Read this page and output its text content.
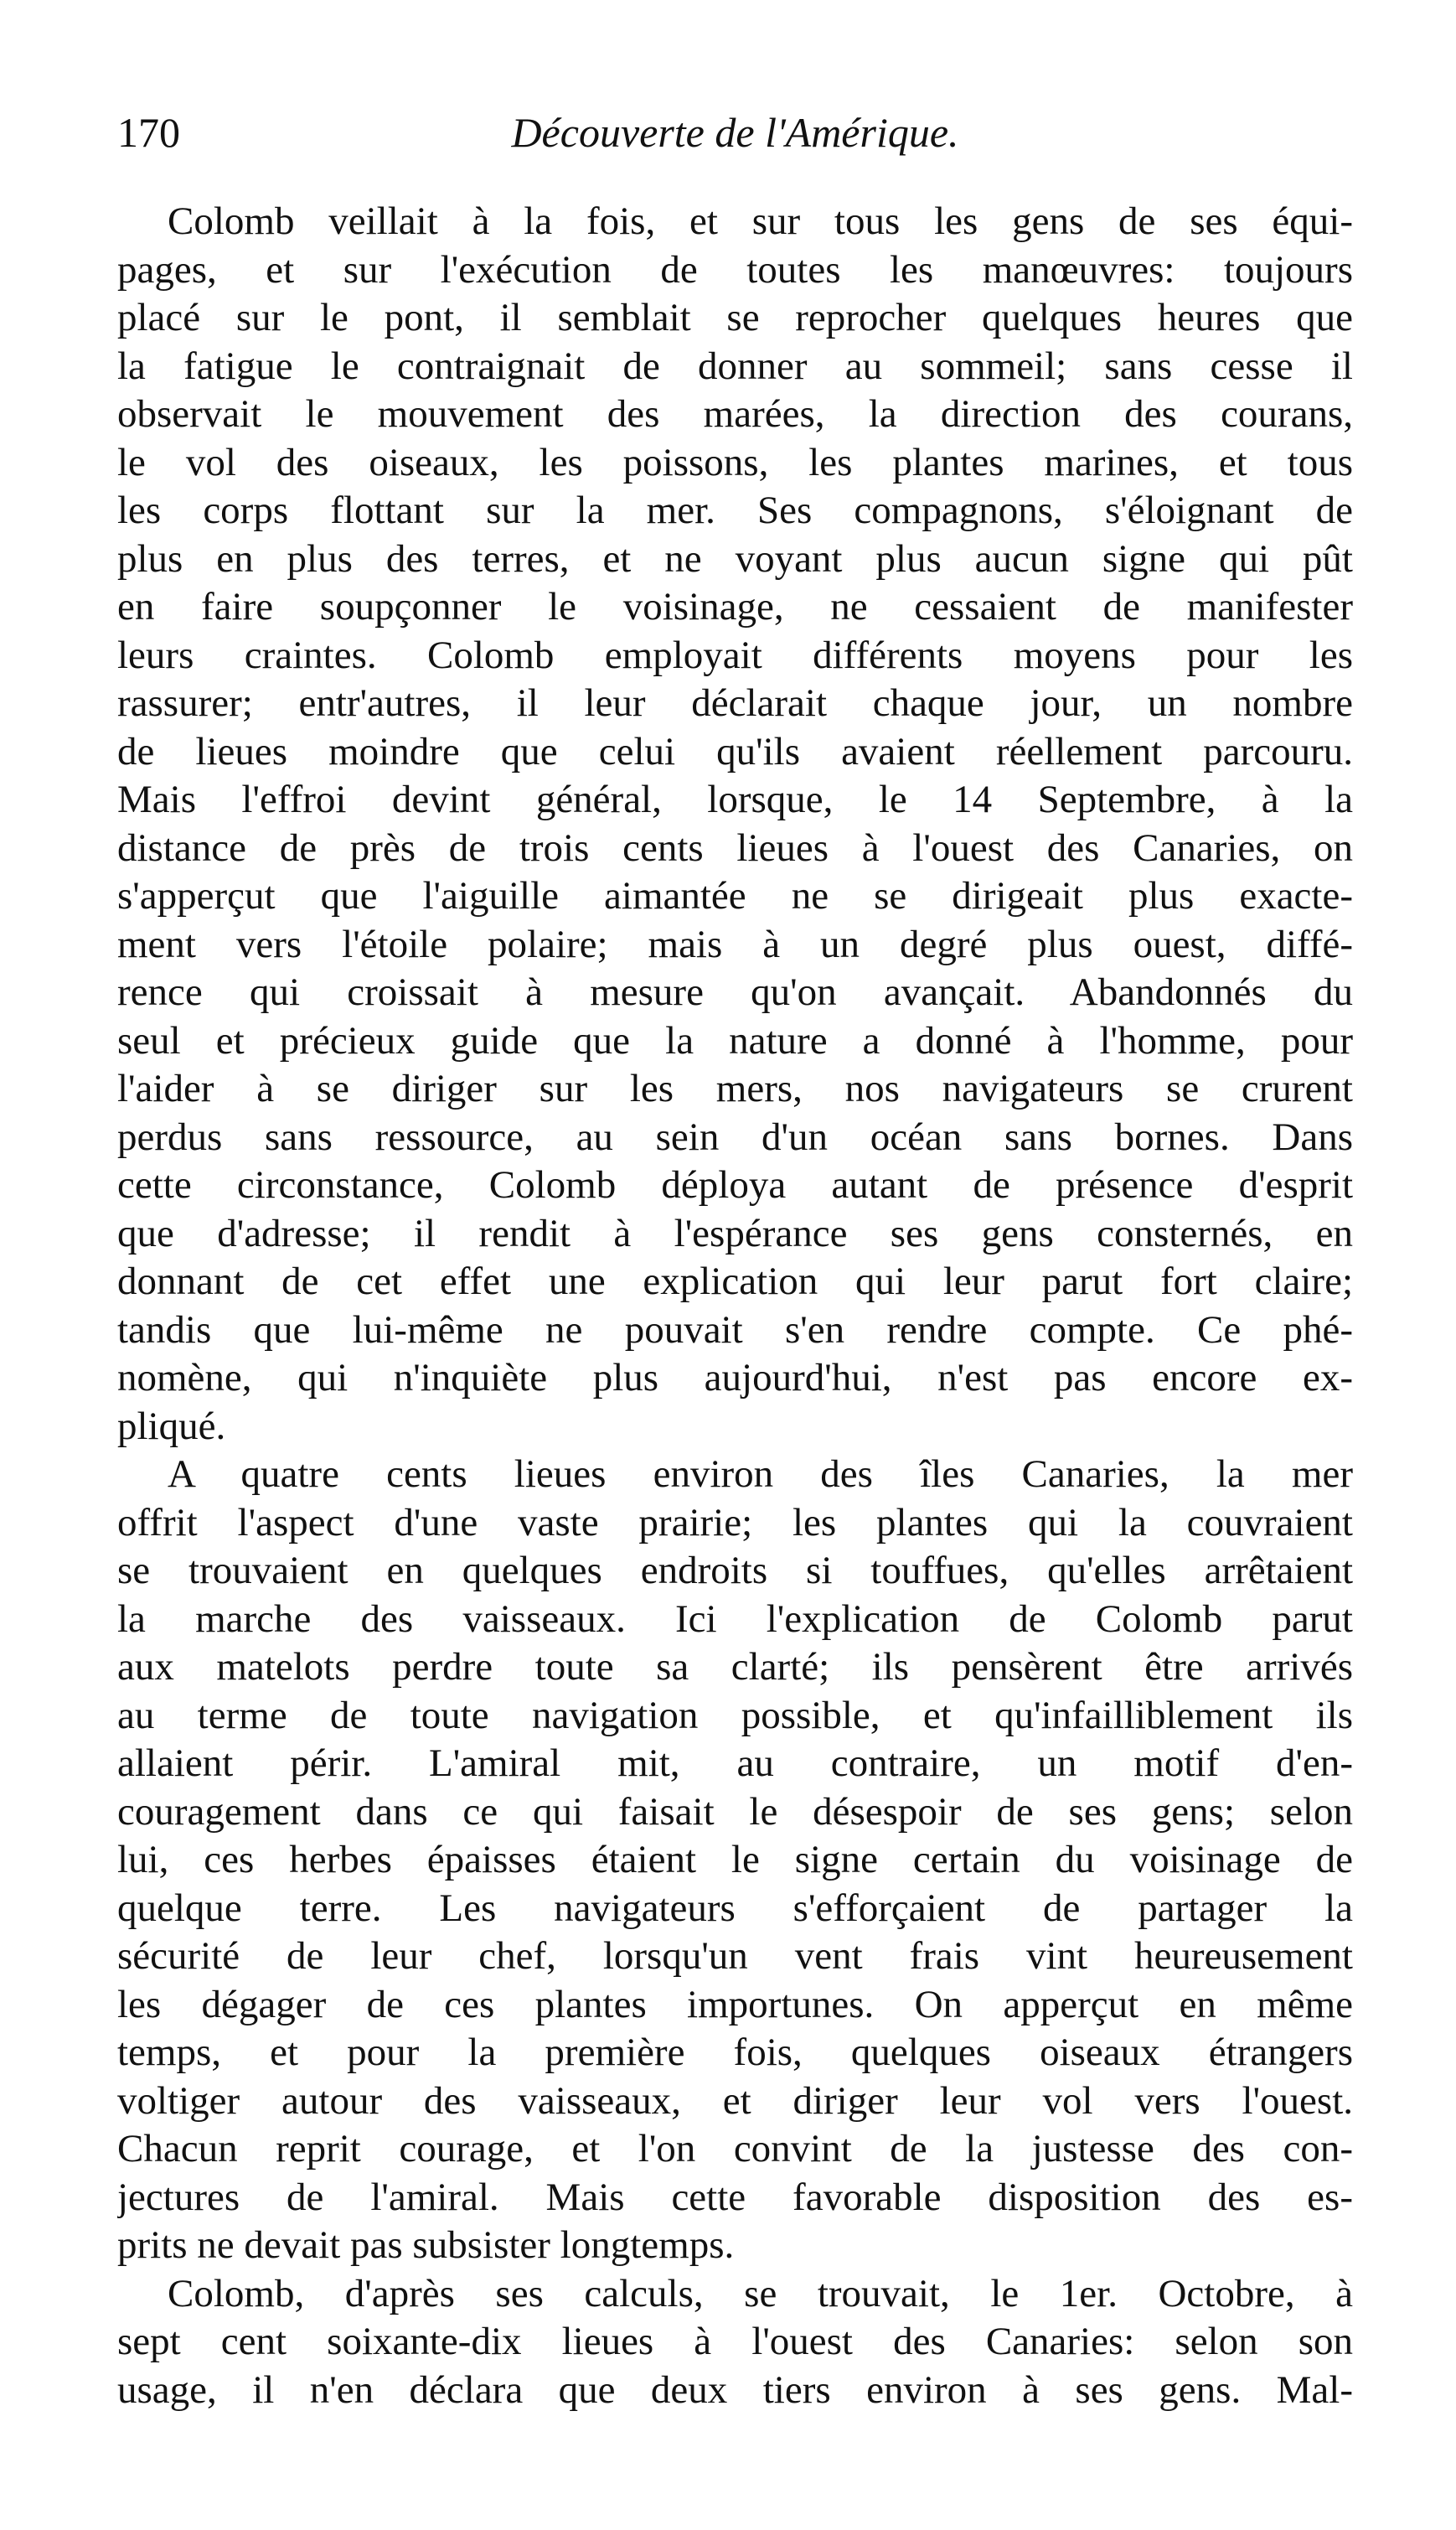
170	Découverte de l'Amérique.
Colomb veillait à la fois, et sur tous les gens de ses équi-
pages, et sur l'exécution de toutes les manœuvres: toujours
placé sur le pont, il semblait se reprocher quelques heures que
la fatigue le contraignait de donner au sommeil; sans cesse il
observait le mouvement des marées, la direction des courans,
le vol des oiseaux, les poissons, les plantes marines, et tous
les corps flottant sur la mer. Ses compagnons, s'éloignant de
plus en plus des terres, et ne voyant plus aucun signe qui pût
en faire soupçonner le voisinage, ne cessaient de manifester
leurs craintes. Colomb employait différents moyens pour les
rassurer; entr'autres, il leur déclarait chaque jour, un nombre
de lieues moindre que celui qu'ils avaient réellement parcouru.
Mais l'effroi devint général, lorsque, le 14 Septembre, à la
distance de près de trois cents lieues à l'ouest des Canaries, on
s'apperçut que l'aiguille aimantée ne se dirigeait plus exacte-
ment vers l'étoile polaire; mais à un degré plus ouest, diffé-
rence qui croissait à mesure qu'on avançait. Abandonnés du
seul et précieux guide que la nature a donné à l'homme, pour
l'aider à se diriger sur les mers, nos navigateurs se crurent
perdus sans ressource, au sein d'un océan sans bornes. Dans
cette circonstance, Colomb déploya autant de présence d'esprit
que d'adresse; il rendit à l'espérance ses gens consternés, en
donnant de cet effet une explication qui leur parut fort claire;
tandis que lui-même ne pouvait s'en rendre compte. Ce phé-
nomène, qui n'inquiète plus aujourd'hui, n'est pas encore ex-
pliqué.
A quatre cents lieues environ des îles Canaries, la mer
offrit l'aspect d'une vaste prairie; les plantes qui la couvraient
se trouvaient en quelques endroits si touffues, qu'elles arrêtaient
la marche des vaisseaux. Ici l'explication de Colomb parut
aux matelots perdre toute sa clarté; ils pensèrent être arrivés
au terme de toute navigation possible, et qu'infailliblement ils
allaient périr. L'amiral mit, au contraire, un motif d'en-
couragement dans ce qui faisait le désespoir de ses gens; selon
lui, ces herbes épaisses étaient le signe certain du voisinage de
quelque terre. Les navigateurs s'efforçaient de partager la
sécurité de leur chef, lorsqu'un vent frais vint heureusement
les dégager de ces plantes importunes. On apperçut en même
temps, et pour la première fois, quelques oiseaux étrangers
voltiger autour des vaisseaux, et diriger leur vol vers l'ouest.
Chacun reprit courage, et l'on convint de la justesse des con-
jectures de l'amiral. Mais cette favorable disposition des es-
prits ne devait pas subsister longtemps.
Colomb, d'après ses calculs, se trouvait, le 1er. Octobre, à
sept cent soixante-dix lieues à l'ouest des Canaries: selon son
usage, il n'en déclara que deux tiers environ à ses gens. Mal-
